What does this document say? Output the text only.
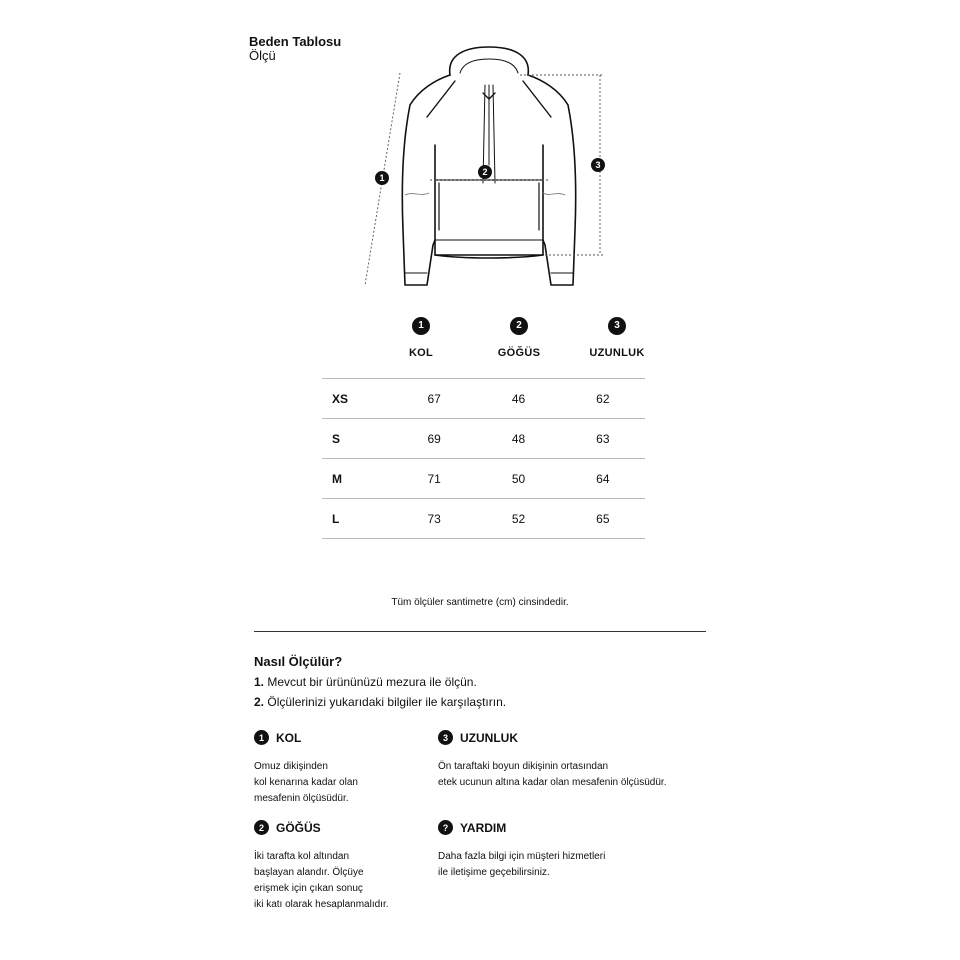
Beden Tablosu
Ölçü
1
2
3
1
KOL
2
GÖĞÜS
3
UZUNLUK
XS	67	46	62
S	69	48	63
M	71	50	64
L	73	52	65
Tüm ölçüler santimetre (cm) cinsindedir.
Nasıl Ölçülür?
1. Mevcut bir ürününüzü mezura ile ölçün.
2. Ölçülerinizi yukarıdaki bilgiler ile karşılaştırın.
1	KOL
Omuz dikişinden
kol kenarına kadar olan
mesafenin ölçüsüdür.
3	UZUNLUK
Ön taraftaki boyun dikişinin ortasından
etek ucunun altına kadar olan mesafenin ölçüsüdür.
2	GÖĞÜS
İki tarafta kol altından
başlayan alandır. Ölçüye
erişmek için çıkan sonuç
iki katı olarak hesaplanmalıdır.
? YARDIM
Daha fazla bilgi için müşteri hizmetleri
ile iletişime geçebilirsiniz.
